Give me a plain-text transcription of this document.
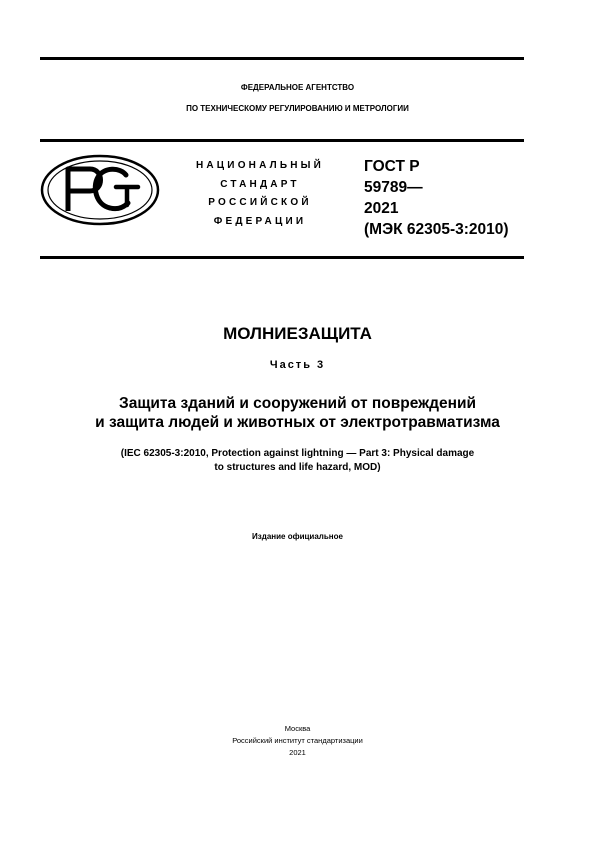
ФЕДЕРАЛЬНОЕ АГЕНТСТВО
ПО ТЕХНИЧЕСКОМУ РЕГУЛИРОВАНИЮ И МЕТРОЛОГИИ
НАЦИОНАЛЬНЫЙ
СТАНДАРТ
РОССИЙСКОЙ
ФЕДЕРАЦИИ
ГОСТ Р
59789—
2021
(МЭК 62305-3:2010)
МОЛНИЕЗАЩИТА
Часть 3
Защита зданий и сооружений от повреждений
и защита людей и животных от электротравматизма
(IEC 62305-3:2010, Protection against lightning — Part 3: Physical damage
to structures and life hazard, MOD)
Издание официальное
Москва
Российский институт стандартизации
2021
